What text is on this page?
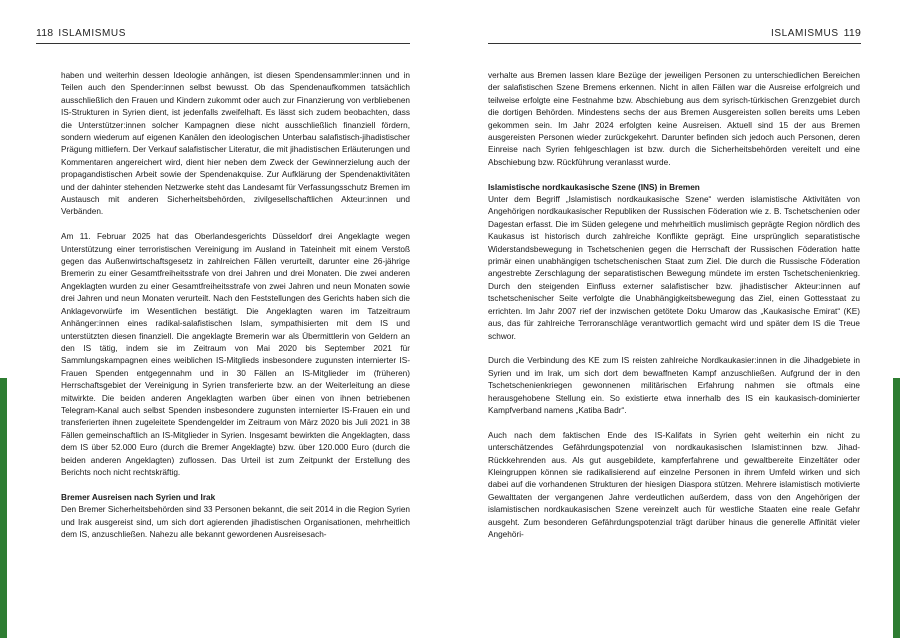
118 ISLAMISMUS

haben und weiterhin dessen Ideologie anhängen, ist diesen Spendensammler:innen und in Teilen auch den Spender:innen selbst bewusst. Ob das Spendenaufkommen tatsächlich ausschließlich den Frauen und Kindern zukommt oder auch zur Finanzierung von verbliebenen IS-Strukturen in Syrien dient, ist jedenfalls zweifelhaft. Es lässt sich zudem beobachten, dass die Unterstützer:innen solcher Kampagnen diese nicht ausschließlich finanziell fördern, sondern wiederum auf eigenen Kanälen den ideologischen Unterbau salafistisch-jihadistischer Prägung mitliefern. Der Verkauf salafistischer Literatur, die mit jihadistischen Erläuterungen und Kommentaren angereichert wird, dient hier neben dem Zweck der Gewinnerzielung auch der propagandistischen Arbeit sowie der Spendenakquise. Zur Aufklärung der Spendenaktivitäten und der dahinter stehenden Netzwerke steht das Landesamt für Verfassungsschutz Bremen im Austausch mit anderen Sicherheitsbehörden, zivilgesellschaftlichen Akteur:innen und Verbänden.

Am 11. Februar 2025 hat das Oberlandesgerichts Düsseldorf drei Angeklagte wegen Unterstützung einer terroristischen Vereinigung im Ausland in Tateinheit mit einem Verstoß gegen das Außenwirtschaftsgesetz in zahlreichen Fällen verurteilt, darunter eine 26-jährige Bremerin zu einer Gesamtfreiheitsstrafe von drei Jahren und drei Monaten. Die zwei anderen Angeklagten wurden zu einer Gesamtfreiheitsstrafe von zwei Jahren und neun Monaten sowie drei Jahren und neun Monaten verurteilt. Nach den Feststellungen des Gerichts haben sich die Anklagevorwürfe im Wesentlichen bestätigt. Die Angeklagten waren im Tatzeitraum Anhänger:innen eines radikal-salafistischen Islam, sympathisierten mit dem IS und unterstützten diesen finanziell. Die angeklagte Bremerin war als Übermittlerin von Geldern an den IS tätig, indem sie im Zeitraum von Mai 2020 bis September 2021 für Sammlungskampagnen eines weiblichen IS-Mitglieds insbesondere zugunsten internierter IS-Frauen Spenden entgegennahm und in 30 Fällen an IS-Mitglieder im (früheren) Herrschaftsgebiet der Vereinigung in Syrien transferierte bzw. an der Weiterleitung an diese mitwirkte. Die beiden anderen Angeklagten warben über einen von ihnen betriebenen Telegram-Kanal auch selbst Spenden insbesondere zugunsten internierter IS-Frauen ein und transferierten ihnen zugeleitete Spendengelder im Zeitraum von März 2020 bis Juli 2021 in 38 Fällen gemeinschaftlich an IS-Mitglieder in Syrien. Insgesamt bewirkten die Angeklagten, dass dem IS über 52.000 Euro (durch die Bremer Angeklagte) bzw. über 120.000 Euro (durch die beiden anderen Angeklagten) zuflossen. Das Urteil ist zum Zeitpunkt der Erstellung des Berichts noch nicht rechtskräftig.

Bremer Ausreisen nach Syrien und Irak

Den Bremer Sicherheitsbehörden sind 33 Personen bekannt, die seit 2014 in die Region Syrien und Irak ausgereist sind, um sich dort agierenden jihadistischen Organisationen, mehrheitlich dem IS, anzuschließen. Nahezu alle bekannt gewordenen Ausreisesach-

ISLAMISMUS 119

verhalte aus Bremen lassen klare Bezüge der jeweiligen Personen zu unterschiedlichen Bereichen der salafistischen Szene Bremens erkennen. Nicht in allen Fällen war die Ausreise erfolgreich und teilweise erfolgte eine Festnahme bzw. Abschiebung aus dem syrisch-türkischen Grenzgebiet durch die dortigen Behörden. Mindestens sechs der aus Bremen Ausgereisten sollen bereits ums Leben gekommen sein. Im Jahr 2024 erfolgten keine Ausreisen. Aktuell sind 15 der aus Bremen ausgereisten Personen wieder zurückgekehrt. Darunter befinden sich jedoch auch Personen, deren Einreise nach Syrien fehlgeschlagen ist bzw. durch die Sicherheitsbehörden vereitelt und eine Abschiebung bzw. Rückführung veranlasst wurde.

Islamistische nordkaukasische Szene (INS) in Bremen

Unter dem Begriff „Islamistisch nordkaukasische Szene“ werden islamistische Aktivitäten von Angehörigen nordkaukasischer Republiken der Russischen Föderation wie z. B. Tschetschenien oder Dagestan erfasst. Die im Süden gelegene und mehrheitlich muslimisch geprägte Region nördlich des Kaukasus ist historisch durch zahlreiche Konflikte geprägt. Eine ursprünglich separatistische Widerstandsbewegung in Tschetschenien gegen die Herrschaft der Russischen Föderation hatte primär einen unabhängigen tschetschenischen Staat zum Ziel. Die durch die Russische Föderation angestrebte Zerschlagung der separatistischen Bewegung mündete im ersten Tschetschenienkrieg. Durch den steigenden Einfluss externer salafistischer bzw. jihadistischer Akteur:innen auf tschetschenischer Seite verfolgte die Unabhängigkeitsbewegung das Ziel, einen Gottesstaat zu errichten. Im Jahr 2007 rief der inzwischen getötete Doku Umarow das „Kaukasische Emirat“ (KE) aus, das für zahlreiche Terroranschläge verantwortlich gemacht wird und später dem IS die Treue schwor.

Durch die Verbindung des KE zum IS reisten zahlreiche Nordkaukasier:innen in die Jihadgebiete in Syrien und im Irak, um sich dort dem bewaffneten Kampf anzuschließen. Aufgrund der in den Tschetschenienkriegen gewonnenen militärischen Erfahrung nahmen sie oftmals eine herausgehobene Stellung ein. So existierte etwa innerhalb des IS ein kaukasisch-dominierter Kampfverband namens „Katiba Badr“.

Auch nach dem faktischen Ende des IS-Kalifats in Syrien geht weiterhin ein nicht zu unterschätzendes Gefährdungspotenzial von nordkaukasischen Islamist:innen bzw. Jihad-Rückkehrenden aus. Als gut ausgebildete, kampferfahrene und gewaltbereite Einzeltäter oder Kleingruppen können sie radikalisierend auf einzelne Personen in ihrem Umfeld wirken und sich dabei auf die vorhandenen Strukturen der hiesigen Diaspora stützen. Mehrere islamistisch motivierte Gewalttaten der vergangenen Jahre verdeutlichen außerdem, dass von den Angehörigen der islamistischen nordkaukasischen Szene vereinzelt auch für westliche Staaten eine reale Gefahr ausgeht. Zum besonderen Gefährdungspotenzial trägt darüber hinaus die generelle Affinität vieler Angehöri-
